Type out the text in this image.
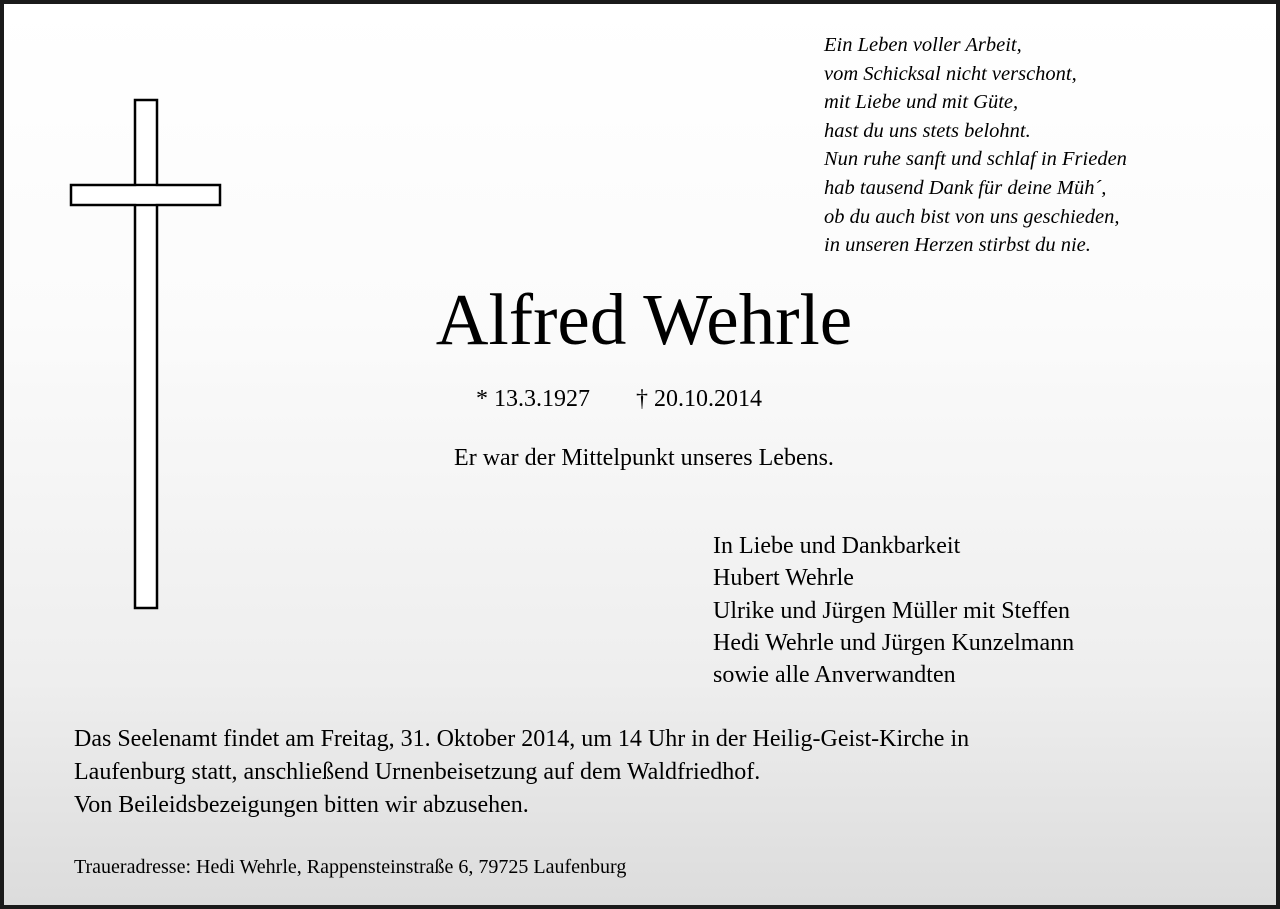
Ein Leben voller Arbeit,
vom Schicksal nicht verschont,
mit Liebe und mit Güte,
hast du uns stets belohnt.
Nun ruhe sanft und schlaf in Frieden
hab tausend Dank für deine Müh´,
ob du auch bist von uns geschieden,
in unseren Herzen stirbst du nie.
Alfred Wehrle
* 13.3.1927 † 20.10.2014
Er war der Mittelpunkt unseres Lebens.
In Liebe und Dankbarkeit
Hubert Wehrle
Ulrike und Jürgen Müller mit Steffen
Hedi Wehrle und Jürgen Kunzelmann
sowie alle Anverwandten
Das Seelenamt findet am Freitag, 31. Oktober 2014, um 14 Uhr in der Heilig-Geist-Kirche in
Laufenburg statt, anschließend Urnenbeisetzung auf dem Waldfriedhof.
Von Beileidsbezeigungen bitten wir abzusehen.
Traueradresse: Hedi Wehrle, Rappensteinstraße 6, 79725 Laufenburg
